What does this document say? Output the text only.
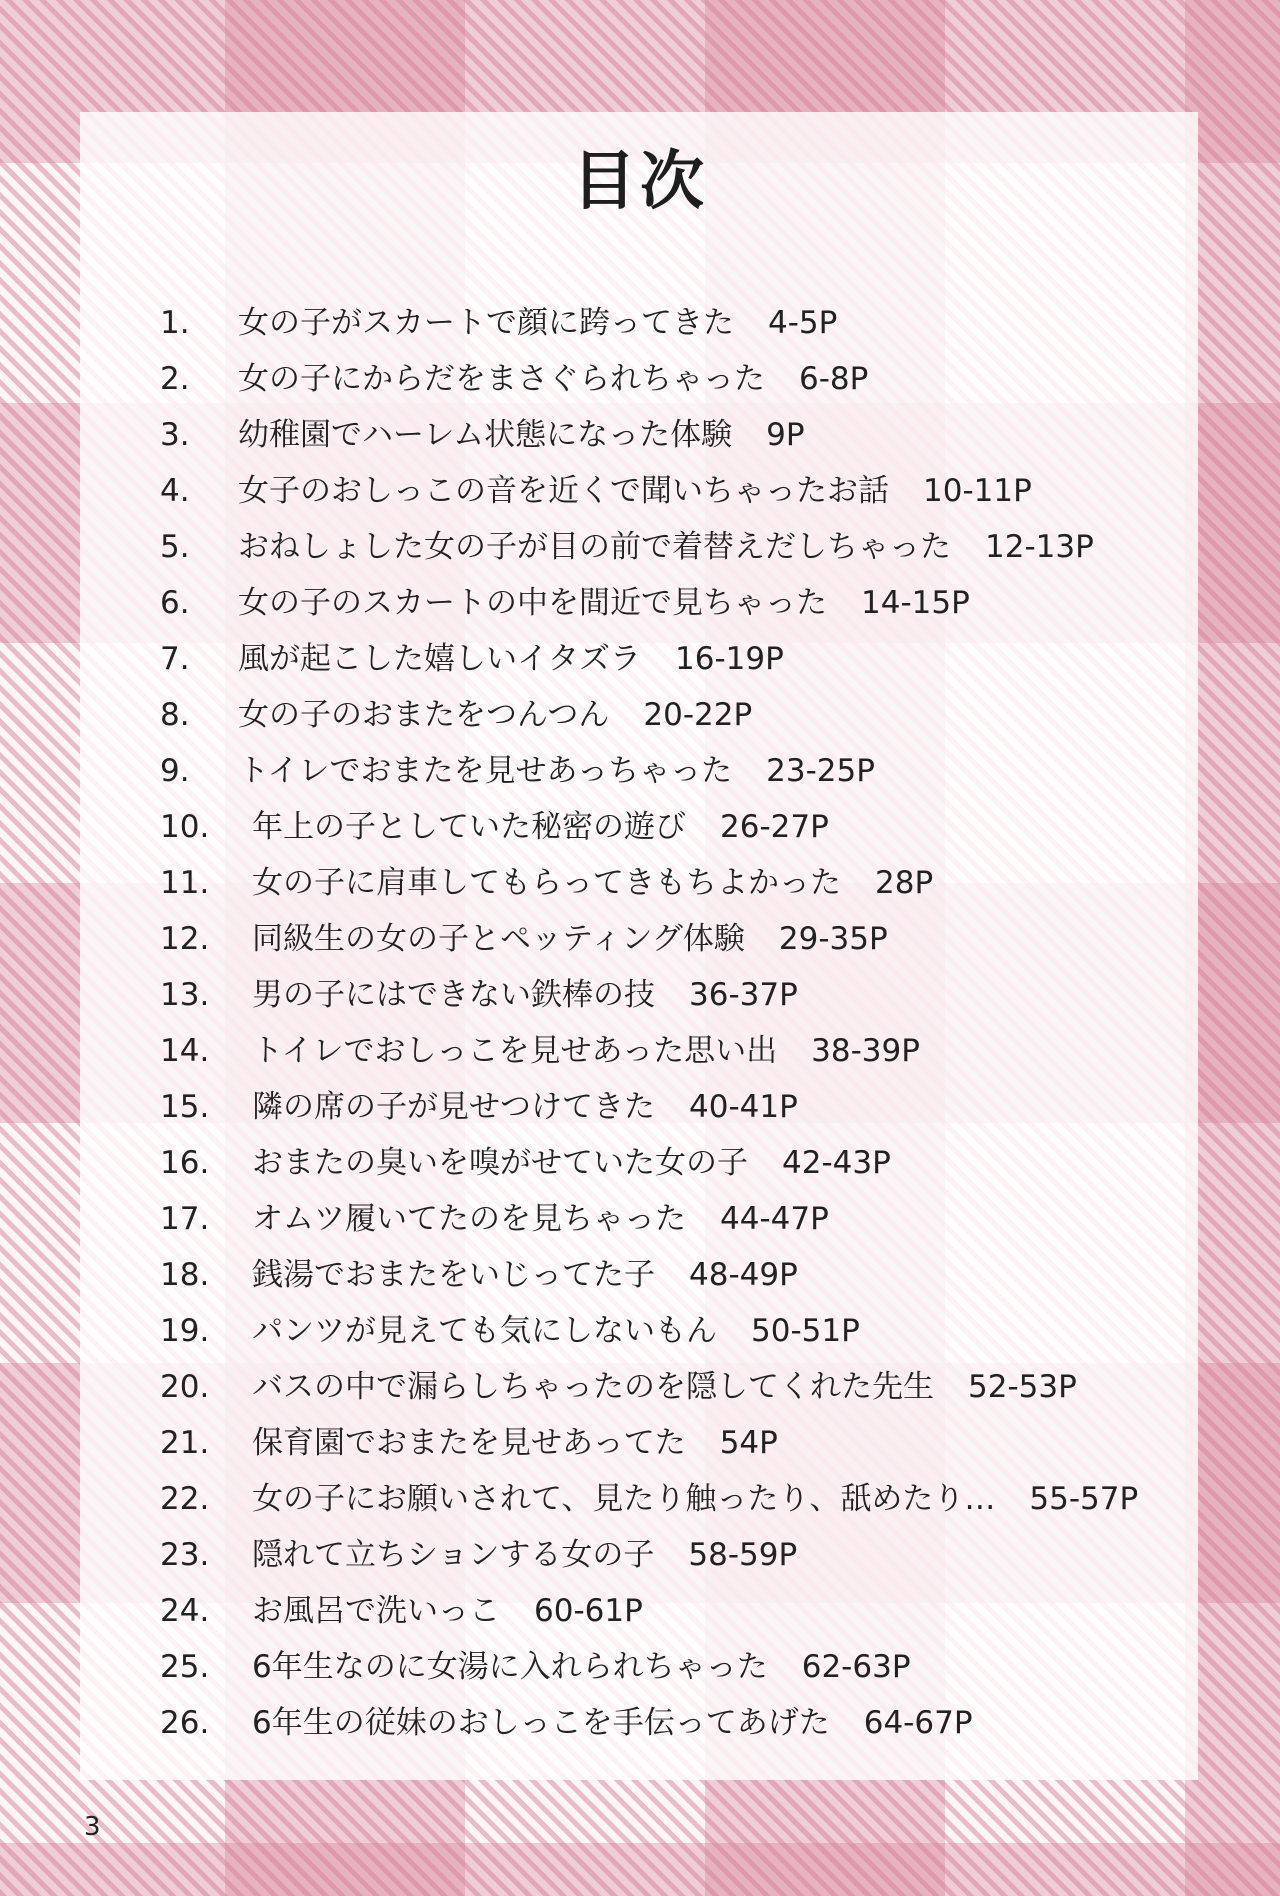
目次
1.	女の子がスカートで顔に跨ってきた 4-5P
2.	女の子にからだをまさぐられちゃった 6-8P
3.	幼稚園でハーレム状態になった体験 9P
4.	女子のおしっこの音を近くで聞いちゃったお話 10-11P
5.	おねしょした女の子が目の前で着替えだしちゃった 12-13P
6.	女の子のスカートの中を間近で見ちゃった 14-15P
7.	風が起こした嬉しいイタズラ 16-19P
8.	女の子のおまたをつんつん 20-22P
9.	トイレでおまたを見せあっちゃった 23-25P
10.	年上の子としていた秘密の遊び 26-27P
11.	女の子に肩車してもらってきもちよかった 28P
12.	同級生の女の子とペッティング体験 29-35P
13.	男の子にはできない鉄棒の技 36-37P
14.	トイレでおしっこを見せあった思い出 38-39P
15.	隣の席の子が見せつけてきた 40-41P
16.	おまたの臭いを嗅がせていた女の子 42-43P
17.	オムツ履いてたのを見ちゃった 44-47P
18.	銭湯でおまたをいじってた子 48-49P
19.	パンツが見えても気にしないもん 50-51P
20.	バスの中で漏らしちゃったのを隠してくれた先生 52-53P
21.	保育園でおまたを見せあってた 54P
22.	女の子にお願いされて、見たり触ったり、舐めたり… 55-57P
23.	隠れて立ちションする女の子 58-59P
24.	お風呂で洗いっこ 60-61P
25.	6年生なのに女湯に入れられちゃった 62-63P
26.	6年生の従妹のおしっこを手伝ってあげた 64-67P
3
